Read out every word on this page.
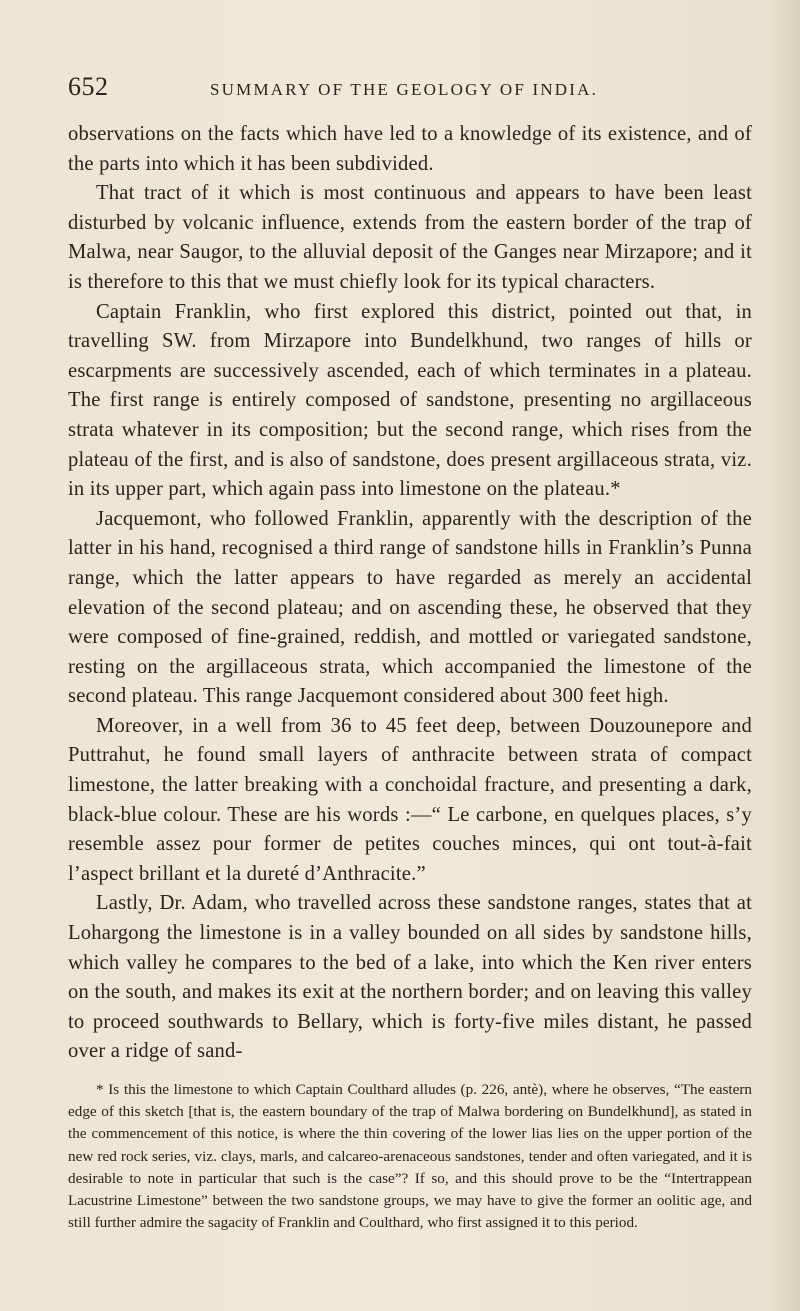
652	SUMMARY OF THE GEOLOGY OF INDIA.

observations on the facts which have led to a knowledge of its existence, and of the parts into which it has been subdivided.

That tract of it which is most continuous and appears to have been least disturbed by volcanic influence, extends from the eastern border of the trap of Malwa, near Saugor, to the alluvial deposit of the Ganges near Mirzapore; and it is therefore to this that we must chiefly look for its typical characters.

Captain Franklin, who first explored this district, pointed out that, in travelling SW. from Mirzapore into Bundelkhund, two ranges of hills or escarpments are successively ascended, each of which terminates in a plateau. The first range is entirely composed of sandstone, presenting no argillaceous strata whatever in its composition; but the second range, which rises from the plateau of the first, and is also of sandstone, does present argillaceous strata, viz. in its upper part, which again pass into limestone on the plateau.*

Jacquemont, who followed Franklin, apparently with the description of the latter in his hand, recognised a third range of sandstone hills in Franklin’s Punna range, which the latter appears to have regarded as merely an accidental elevation of the second plateau; and on ascending these, he observed that they were composed of fine-grained, reddish, and mottled or variegated sandstone, resting on the argillaceous strata, which accompanied the limestone of the second plateau. This range Jacquemont considered about 300 feet high.

Moreover, in a well from 36 to 45 feet deep, between Douzounepore and Puttrahut, he found small layers of anthracite between strata of compact limestone, the latter breaking with a conchoidal fracture, and presenting a dark, black-blue colour. These are his words :—“ Le carbone, en quelques places, s’y resemble assez pour former de petites couches minces, qui ont tout-à-fait l’aspect brillant et la dureté d’Anthracite.”

Lastly, Dr. Adam, who travelled across these sandstone ranges, states that at Lohargong the limestone is in a valley bounded on all sides by sandstone hills, which valley he compares to the bed of a lake, into which the Ken river enters on the south, and makes its exit at the northern border; and on leaving this valley to proceed southwards to Bellary, which is forty-five miles distant, he passed over a ridge of sand-

* Is this the limestone to which Captain Coulthard alludes (p. 226, antè), where he observes, “The eastern edge of this sketch [that is, the eastern boundary of the trap of Malwa bordering on Bundelkhund], as stated in the commencement of this notice, is where the thin covering of the lower lias lies on the upper portion of the new red rock series, viz. clays, marls, and calcareo-arenaceous sandstones, tender and often variegated, and it is desirable to note in particular that such is the case”? If so, and this should prove to be the “Intertrappean Lacustrine Limestone” between the two sandstone groups, we may have to give the former an oolitic age, and still further admire the sagacity of Franklin and Coulthard, who first assigned it to this period.
